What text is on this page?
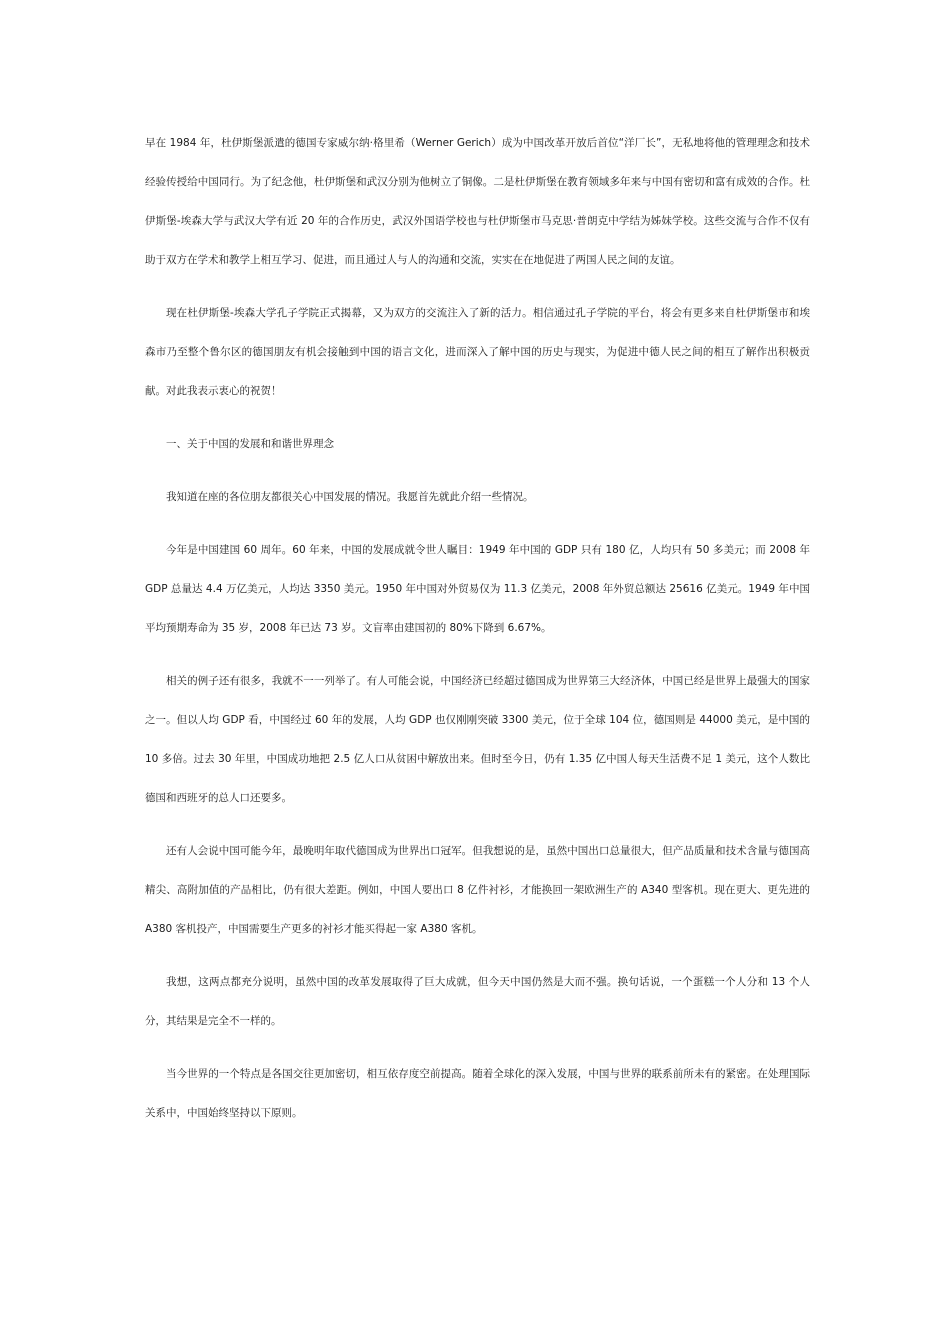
早在 1984 年，杜伊斯堡派遣的德国专家威尔纳·格里希（Werner Gerich）成为中国改革开放后首位“洋厂长”，无私地将他的管理理念和技术经验传授给中国同行。为了纪念他，杜伊斯堡和武汉分别为他树立了铜像。二是杜伊斯堡在教育领域多年来与中国有密切和富有成效的合作。杜伊斯堡-埃森大学与武汉大学有近 20 年的合作历史，武汉外国语学校也与杜伊斯堡市马克思·普朗克中学结为姊妹学校。这些交流与合作不仅有助于双方在学术和教学上相互学习、促进，而且通过人与人的沟通和交流，实实在在地促进了两国人民之间的友谊。

现在杜伊斯堡-埃森大学孔子学院正式揭幕，又为双方的交流注入了新的活力。相信通过孔子学院的平台，将会有更多来自杜伊斯堡市和埃森市乃至整个鲁尔区的德国朋友有机会接触到中国的语言文化，进而深入了解中国的历史与现实，为促进中德人民之间的相互了解作出积极贡献。对此我表示衷心的祝贺！

一、关于中国的发展和和谐世界理念

我知道在座的各位朋友都很关心中国发展的情况。我愿首先就此介绍一些情况。

今年是中国建国 60 周年。60 年来，中国的发展成就令世人瞩目：1949 年中国的 GDP 只有 180 亿，人均只有 50 多美元；而 2008 年 GDP 总量达 4.4 万亿美元，人均达 3350 美元。1950 年中国对外贸易仅为 11.3 亿美元，2008 年外贸总额达 25616 亿美元。1949 年中国平均预期寿命为 35 岁，2008 年已达 73 岁。文盲率由建国初的 80%下降到 6.67%。

相关的例子还有很多，我就不一一列举了。有人可能会说，中国经济已经超过德国成为世界第三大经济体，中国已经是世界上最强大的国家之一。但以人均 GDP 看，中国经过 60 年的发展，人均 GDP 也仅刚刚突破 3300 美元，位于全球 104 位，德国则是 44000 美元，是中国的 10 多倍。过去 30 年里，中国成功地把 2.5 亿人口从贫困中解放出来。但时至今日，仍有 1.35 亿中国人每天生活费不足 1 美元，这个人数比德国和西班牙的总人口还要多。

还有人会说中国可能今年，最晚明年取代德国成为世界出口冠军。但我想说的是，虽然中国出口总量很大，但产品质量和技术含量与德国高精尖、高附加值的产品相比，仍有很大差距。例如，中国人要出口 8 亿件衬衫，才能换回一架欧洲生产的 A340 型客机。现在更大、更先进的 A380 客机投产，中国需要生产更多的衬衫才能买得起一家 A380 客机。

我想，这两点都充分说明，虽然中国的改革发展取得了巨大成就，但今天中国仍然是大而不强。换句话说，一个蛋糕一个人分和 13 个人分，其结果是完全不一样的。

当今世界的一个特点是各国交往更加密切，相互依存度空前提高。随着全球化的深入发展，中国与世界的联系前所未有的紧密。在处理国际关系中，中国始终坚持以下原则。
